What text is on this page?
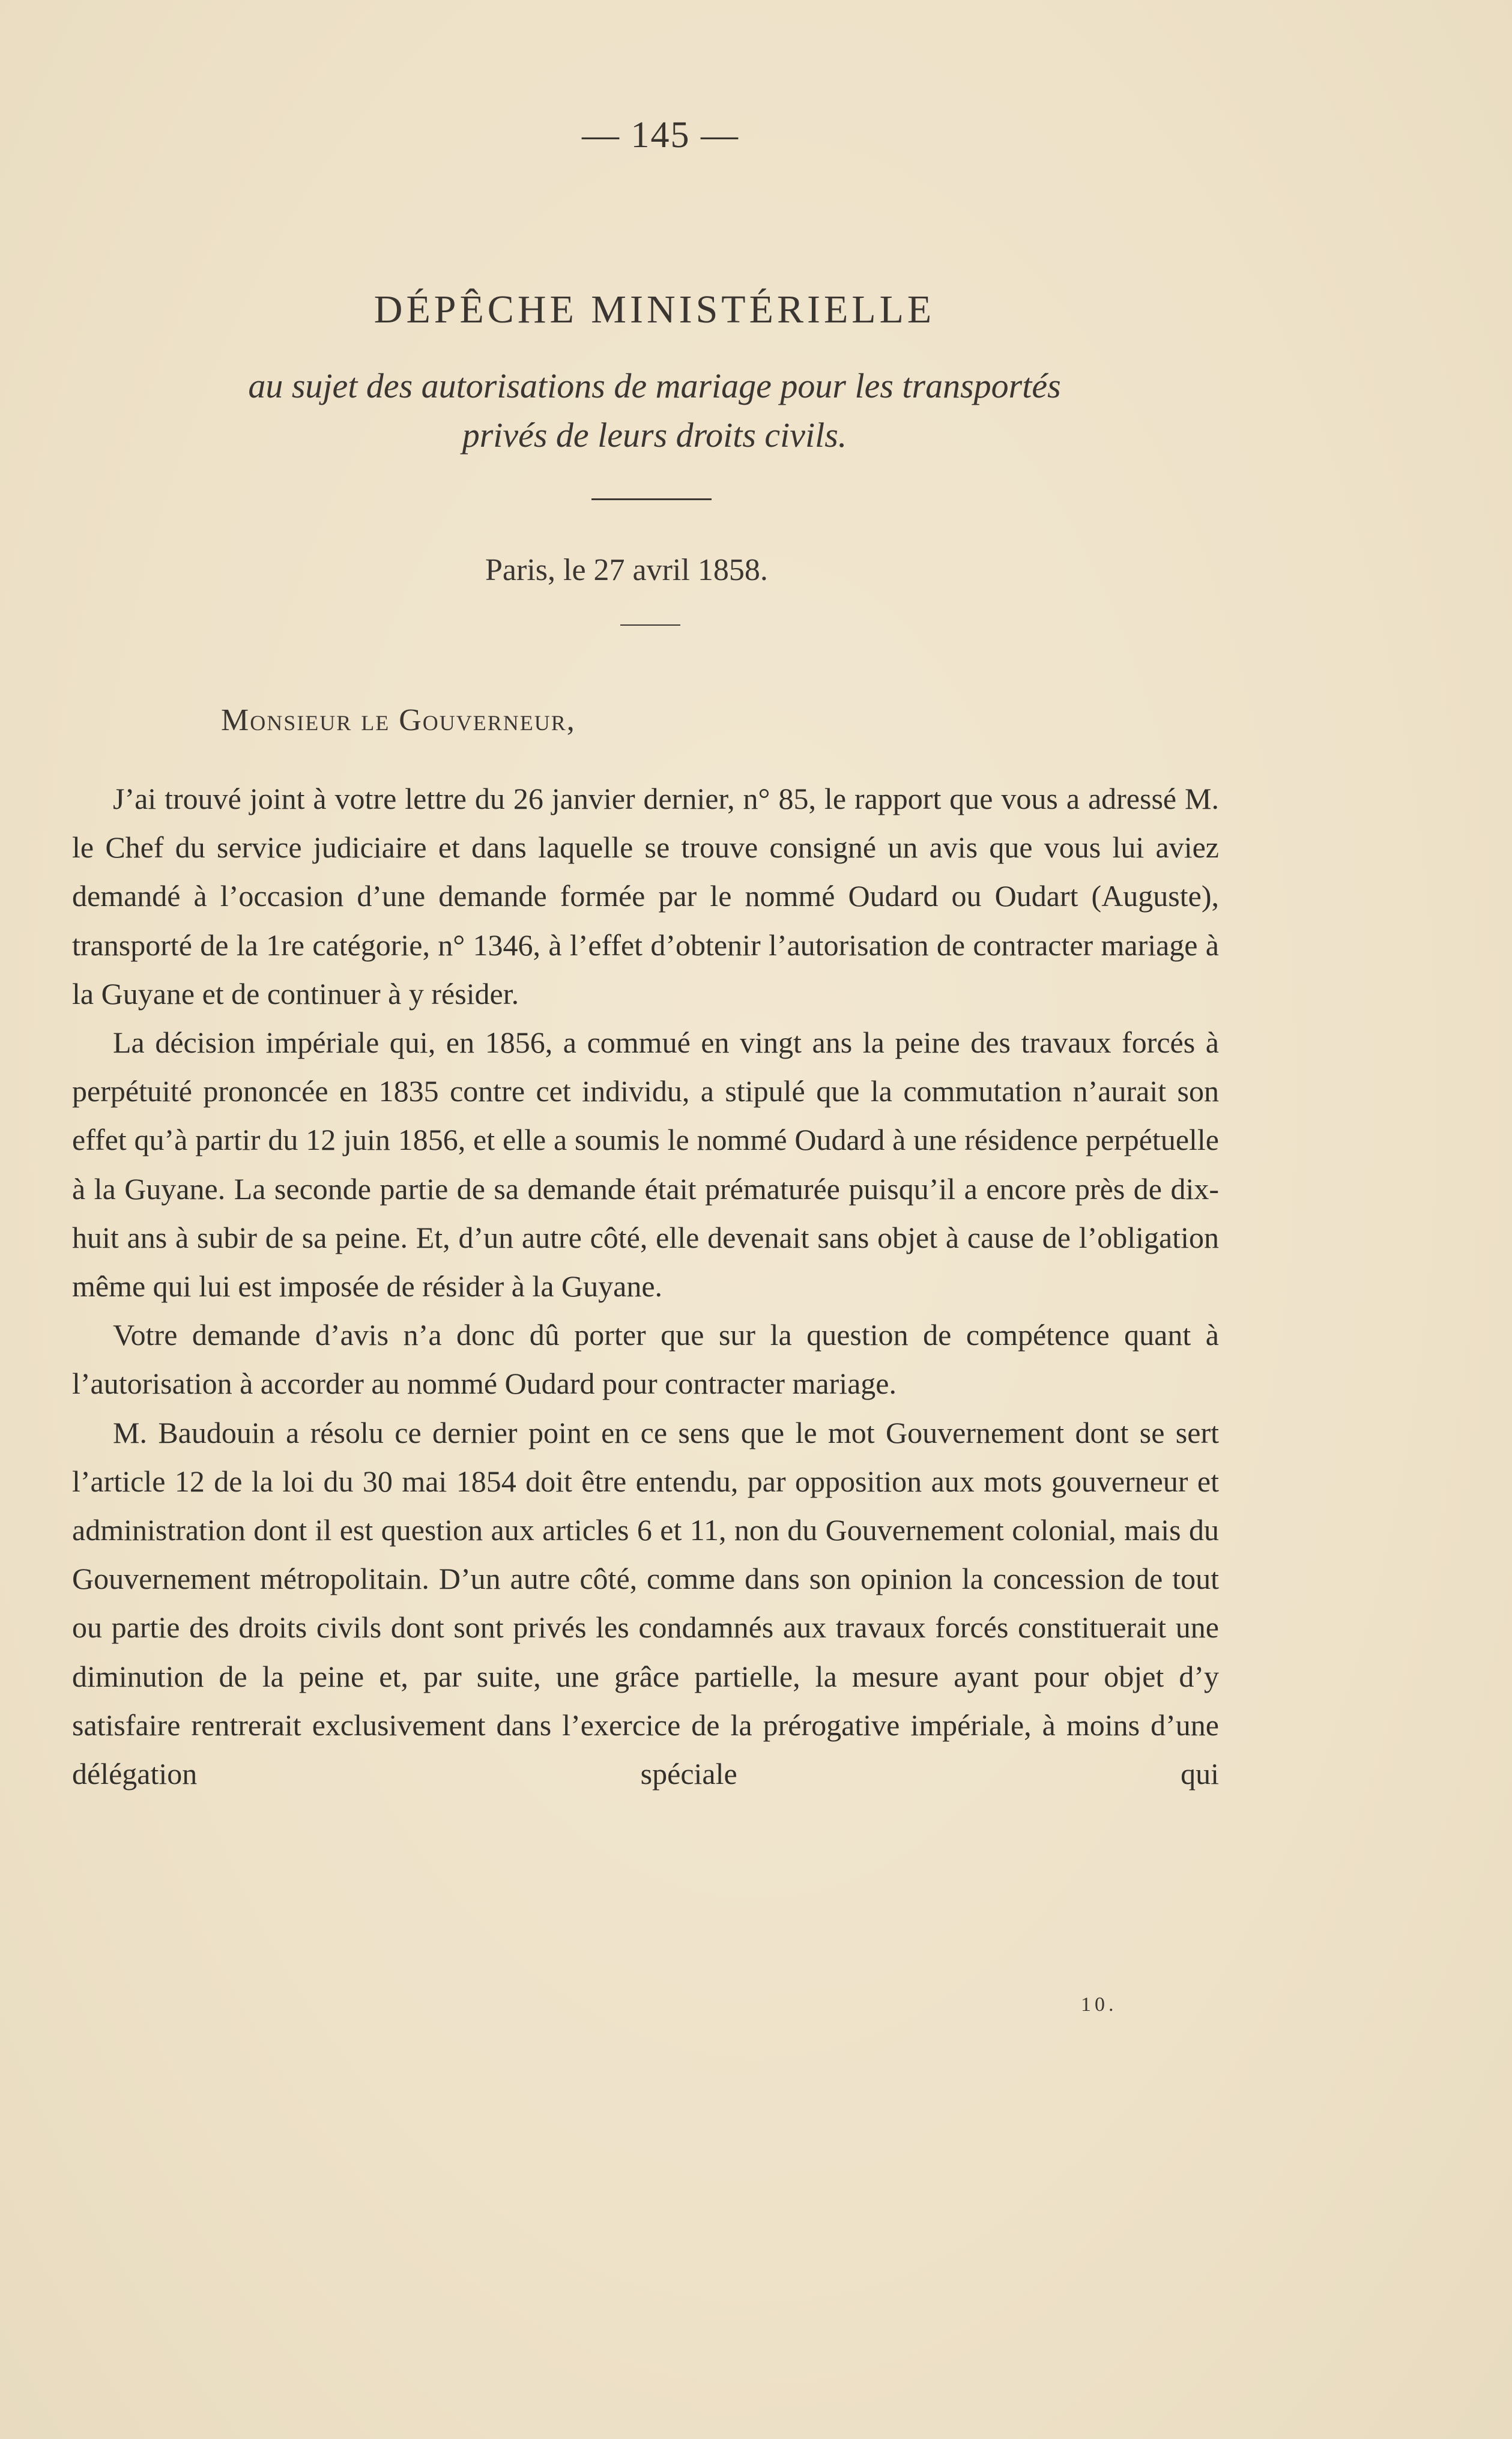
— 145 —
DÉPÊCHE MINISTÉRIELLE
au sujet des autorisations de mariage pour les transportés
privés de leurs droits civils.
Paris, le 27 avril 1858.
Monsieur le Gouverneur,

J’ai trouvé joint à votre lettre du 26 janvier dernier, n° 85, le rapport que vous a adressé M. le Chef du service judiciaire et dans laquelle se trouve consigné un avis que vous lui aviez demandé à l’occasion d’une demande formée par le nommé Oudard ou Oudart (Auguste), transporté de la 1re catégorie, n° 1346, à l’effet d’obtenir l’autorisation de contracter mariage à la Guyane et de continuer à y résider.

La décision impériale qui, en 1856, a commué en vingt ans la peine des travaux forcés à perpétuité prononcée en 1835 contre cet individu, a stipulé que la commutation n’aurait son effet qu’à partir du 12 juin 1856, et elle a soumis le nommé Oudard à une résidence perpétuelle à la Guyane. La seconde partie de sa demande était prématurée puisqu’il a encore près de dix-huit ans à subir de sa peine. Et, d’un autre côté, elle devenait sans objet à cause de l’obligation même qui lui est imposée de résider à la Guyane.

Votre demande d’avis n’a donc dû porter que sur la question de compétence quant à l’autorisation à accorder au nommé Oudard pour contracter mariage.

M. Baudouin a résolu ce dernier point en ce sens que le mot Gouvernement dont se sert l’article 12 de la loi du 30 mai 1854 doit être entendu, par opposition aux mots gouverneur et administration dont il est question aux articles 6 et 11, non du Gouvernement colonial, mais du Gouvernement métropolitain. D’un autre côté, comme dans son opinion la concession de tout ou partie des droits civils dont sont privés les condamnés aux travaux forcés constituerait une diminution de la peine et, par suite, une grâce partielle, la mesure ayant pour objet d’y satisfaire rentrerait exclusivement dans l’exercice de la prérogative impériale, à moins d’une délégation spéciale qui

10.
